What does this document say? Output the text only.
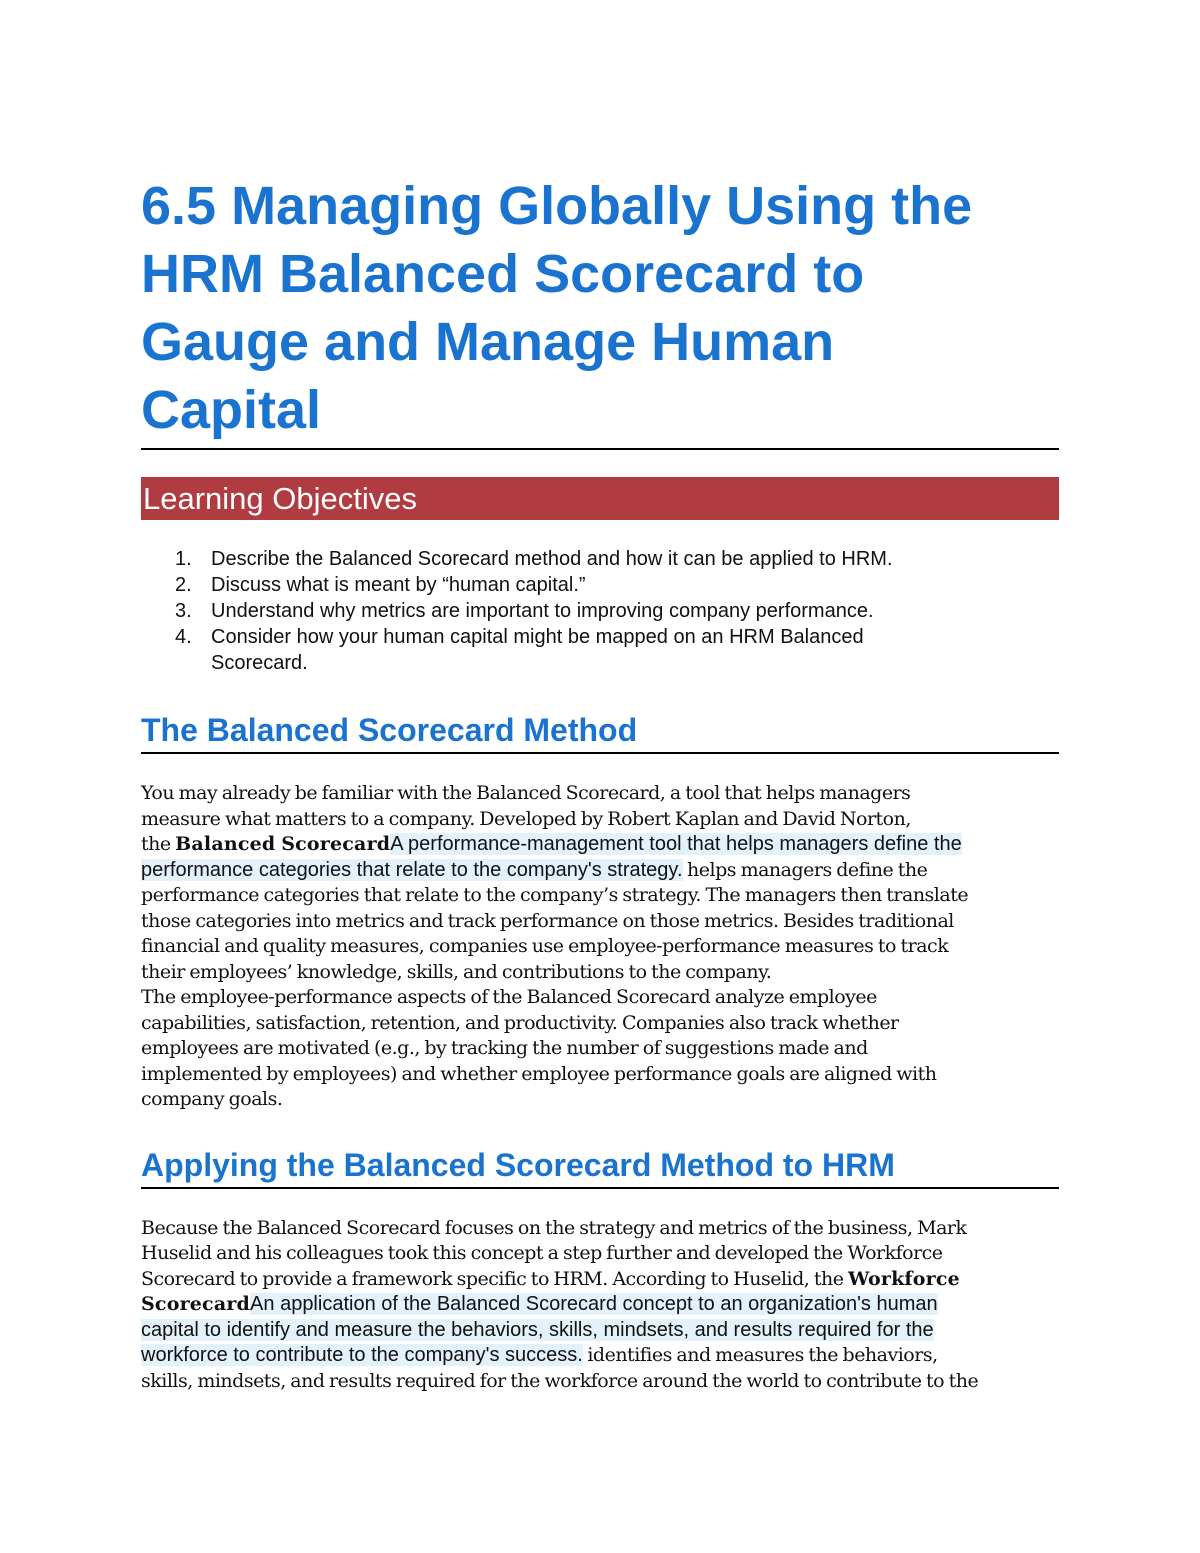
6.5 Managing Globally Using the
HRM Balanced Scorecard to
Gauge and Manage Human
Capital
Learning Objectives
1. Describe the Balanced Scorecard method and how it can be applied to HRM.
2. Discuss what is meant by “human capital.”
3. Understand why metrics are important to improving company performance.
4. Consider how your human capital might be mapped on an HRM Balanced
Scorecard.
The Balanced Scorecard Method

You may already be familiar with the Balanced Scorecard, a tool that helps managers
measure what matters to a company. Developed by Robert Kaplan and David Norton,
the Balanced ScorecardA performance-management tool that helps managers define the
performance categories that relate to the company's strategy. helps managers define the
performance categories that relate to the company’s strategy. The managers then translate
those categories into metrics and track performance on those metrics. Besides traditional
financial and quality measures, companies use employee-performance measures to track
their employees’ knowledge, skills, and contributions to the company.

The employee-performance aspects of the Balanced Scorecard analyze employee
capabilities, satisfaction, retention, and productivity. Companies also track whether
employees are motivated (e.g., by tracking the number of suggestions made and
implemented by employees) and whether employee performance goals are aligned with
company goals.

Applying the Balanced Scorecard Method to HRM

Because the Balanced Scorecard focuses on the strategy and metrics of the business, Mark
Huselid and his colleagues took this concept a step further and developed the Workforce
Scorecard to provide a framework specific to HRM. According to Huselid, the Workforce
ScorecardAn application of the Balanced Scorecard concept to an organization's human
capital to identify and measure the behaviors, skills, mindsets, and results required for the
workforce to contribute to the company's success. identifies and measures the behaviors,
skills, mindsets, and results required for the workforce around the world to contribute to the
